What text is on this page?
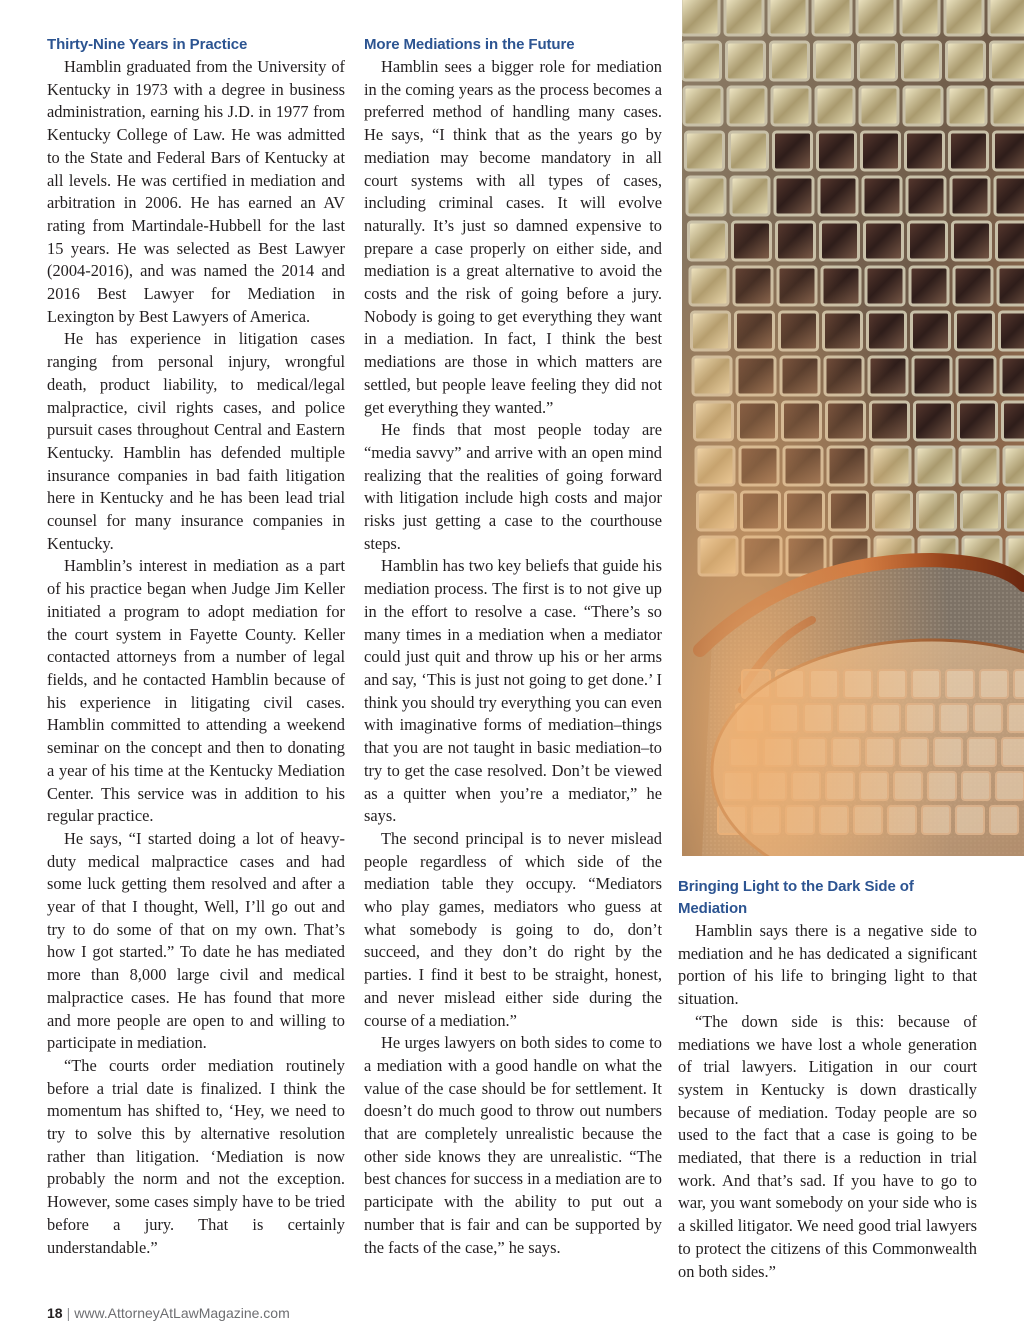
Thirty-Nine Years in Practice

Hamblin graduated from the University of Kentucky in 1973 with a degree in business administration, earning his J.D. in 1977 from Kentucky College of Law. He was admitted to the State and Federal Bars of Kentucky at all levels. He was certified in mediation and arbitration in 2006. He has earned an AV rating from Martindale-Hubbell for the last 15 years. He was selected as Best Lawyer (2004-2016), and was named the 2014 and 2016 Best Lawyer for Mediation in Lexington by Best Lawyers of America.

He has experience in litigation cases ranging from personal injury, wrongful death, product liability, to medical/legal malpractice, civil rights cases, and police pursuit cases throughout Central and Eastern Kentucky. Hamblin has defended multiple insurance companies in bad faith litigation here in Kentucky and he has been lead trial counsel for many insurance companies in Kentucky.

Hamblin’s interest in mediation as a part of his practice began when Judge Jim Keller initiated a program to adopt mediation for the court system in Fayette County. Keller contacted attorneys from a number of legal fields, and he contacted Hamblin because of his experience in litigating civil cases. Hamblin committed to attending a weekend seminar on the concept and then to donating a year of his time at the Kentucky Mediation Center. This service was in addition to his regular practice.

He says, “I started doing a lot of heavy-duty medical malpractice cases and had some luck getting them resolved and after a year of that I thought, Well, I’ll go out and try to do some of that on my own. That’s how I got started.” To date he has mediated more than 8,000 large civil and medical malpractice cases. He has found that more and more people are open to and willing to participate in mediation.

“The courts order mediation routinely before a trial date is finalized. I think the momentum has shifted to, ‘Hey, we need to try to solve this by alternative resolution rather than litigation. ‘Mediation is now probably the norm and not the exception. However, some cases simply have to be tried before a jury. That is certainly understandable.”

More Mediations in the Future

Hamblin sees a bigger role for mediation in the coming years as the process becomes a preferred method of handling many cases. He says, “I think that as the years go by mediation may become mandatory in all court systems with all types of cases, including criminal cases. It will evolve naturally. It’s just so damned expensive to prepare a case properly on either side, and mediation is a great alternative to avoid the costs and the risk of going before a jury. Nobody is going to get everything they want in a mediation. In fact, I think the best mediations are those in which matters are settled, but people leave feeling they did not get everything they wanted.”

He finds that most people today are “media savvy” and arrive with an open mind realizing that the realities of going forward with litigation include high costs and major risks just getting a case to the courthouse steps.

Hamblin has two key beliefs that guide his mediation process. The first is to not give up in the effort to resolve a case. “There’s so many times in a mediation when a mediator could just quit and throw up his or her arms and say, ‘This is just not going to get done.’ I think you should try everything you can even with imaginative forms of mediation–things that you are not taught in basic mediation–to try to get the case resolved. Don’t be viewed as a quitter when you’re a mediator,” he says.

The second principal is to never mislead people regardless of which side of the mediation table they occupy. “Mediators who play games, mediators who guess at what somebody is going to do, don’t succeed, and they don’t do right by the parties. I find it best to be straight, honest, and never mislead either side during the course of a mediation.”

He urges lawyers on both sides to come to a mediation with a good handle on what the value of the case should be for settlement. It doesn’t do much good to throw out numbers that are completely unrealistic because the other side knows they are unrealistic. “The best chances for success in a mediation are to participate with the ability to put out a number that is fair and can be supported by the facts of the case,” he says.

Bringing Light to the Dark Side of Mediation

Hamblin says there is a negative side to mediation and he has dedicated a significant portion of his life to bringing light to that situation.

“The down side is this: because of mediations we have lost a whole generation of trial lawyers. Litigation in our court system in Kentucky is down drastically because of mediation. Today people are so used to the fact that a case is going to be mediated, that there is a reduction in trial work. And that’s sad. If you have to go to war, you want somebody on your side who is a skilled litigator. We need good trial lawyers to protect the citizens of this Commonwealth on both sides.”

18 | www.AttorneyAtLawMagazine.com
